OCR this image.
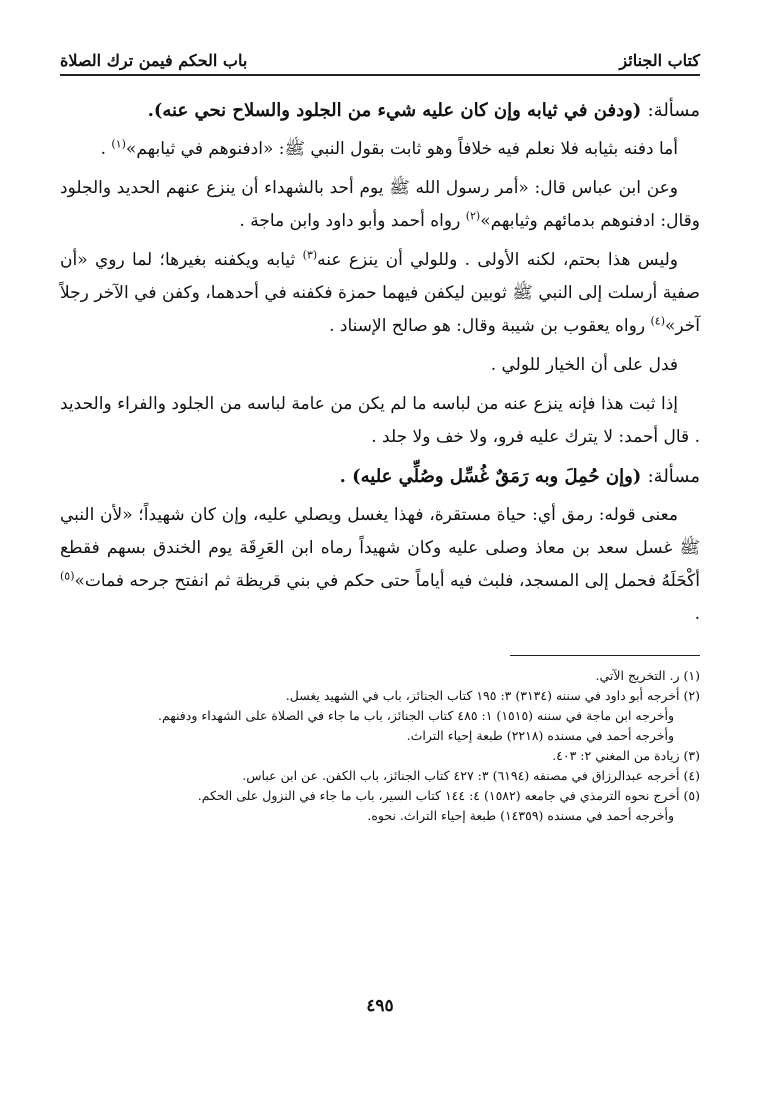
كتاب الجنائز
باب الحكم فيمن ترك الصلاة

مسألة: (ودفن في ثيابه وإن كان عليه شيء من الجلود والسلاح نحي عنه).

أما دفنه بثيابه فلا نعلم فيه خلافاً وهو ثابت بقول النبي ﷺ: «ادفنوهم في ثيابهم»$^{(١)}$ .

وعن ابن عباس قال: «أمر رسول الله ﷺ يوم أحد بالشهداء أن ينزع عنهم الحديد والجلود وقال: ادفنوهم بدمائهم وثيابهم»$^{(٢)}$ رواه أحمد وأبو داود وابن ماجة .

وليس هذا بحتم، لكنه الأولى . وللولي أن ينزع عنه$^{(٣)}$ ثيابه ويكفنه بغيرها؛ لما روي «أن صفية أرسلت إلى النبي ﷺ ثوبين ليكفن فيهما حمزة فكفنه في أحدهما، وكفن في الآخر رجلاً آخر»$^{(٤)}$ رواه يعقوب بن شيبة وقال: هو صالح الإسناد .

فدل على أن الخيار للولي .

إذا ثبت هذا فإنه ينزع عنه من لباسه ما لم يكن من عامة لباسه من الجلود والفراء والحديد . قال أحمد: لا يترك عليه فرو، ولا خف ولا جلد .

مسألة: (وإن حُمِلَ وبه رَمَقٌ غُسِّل وصُلِّي عليه) .

معنى قوله: رمق أي: حياة مستقرة، فهذا يغسل ويصلي عليه، وإن كان شهيداً؛ «لأن النبي ﷺ غسل سعد بن معاذ وصلى عليه وكان شهيداً رماه ابن العَرِقَة يوم الخندق بسهم فقطع أكْحَلَهُ فحمل إلى المسجد، فلبث فيه أياماً حتى حكم في بني قريظة ثم انفتح جرحه فمات»$^{(٥)}$ .

(١) ر. التخريج الآتي.

(٢) أخرجه أبو داود في سننه (٣١٣٤) ٣: ١٩٥ كتاب الجنائز، باب في الشهيد يغسل.

وأخرجه ابن ماجة في سننه (١٥١٥) ١: ٤٨٥ كتاب الجنائز، باب ما جاء في الصلاة على الشهداء ودفنهم.

وأخرجه أحمد في مسنده (٢٢١٨) طبعة إحياء التراث.

(٣) زيادة من المغني ٢: ٤٠٣.

(٤) أخرجه عبدالرزاق في مصنفه (٦١٩٤) ٣: ٤٢٧ كتاب الجنائز، باب الكفن. عن ابن عباس.

(٥) أخرج نحوه الترمذي في جامعه (١٥٨٢) ٤: ١٤٤ كتاب السير، باب ما جاء في النزول على الحكم.

وأخرجه أحمد في مسنده (١٤٣٥٩) طبعة إحياء التراث. نحوه.

٤٩٥
